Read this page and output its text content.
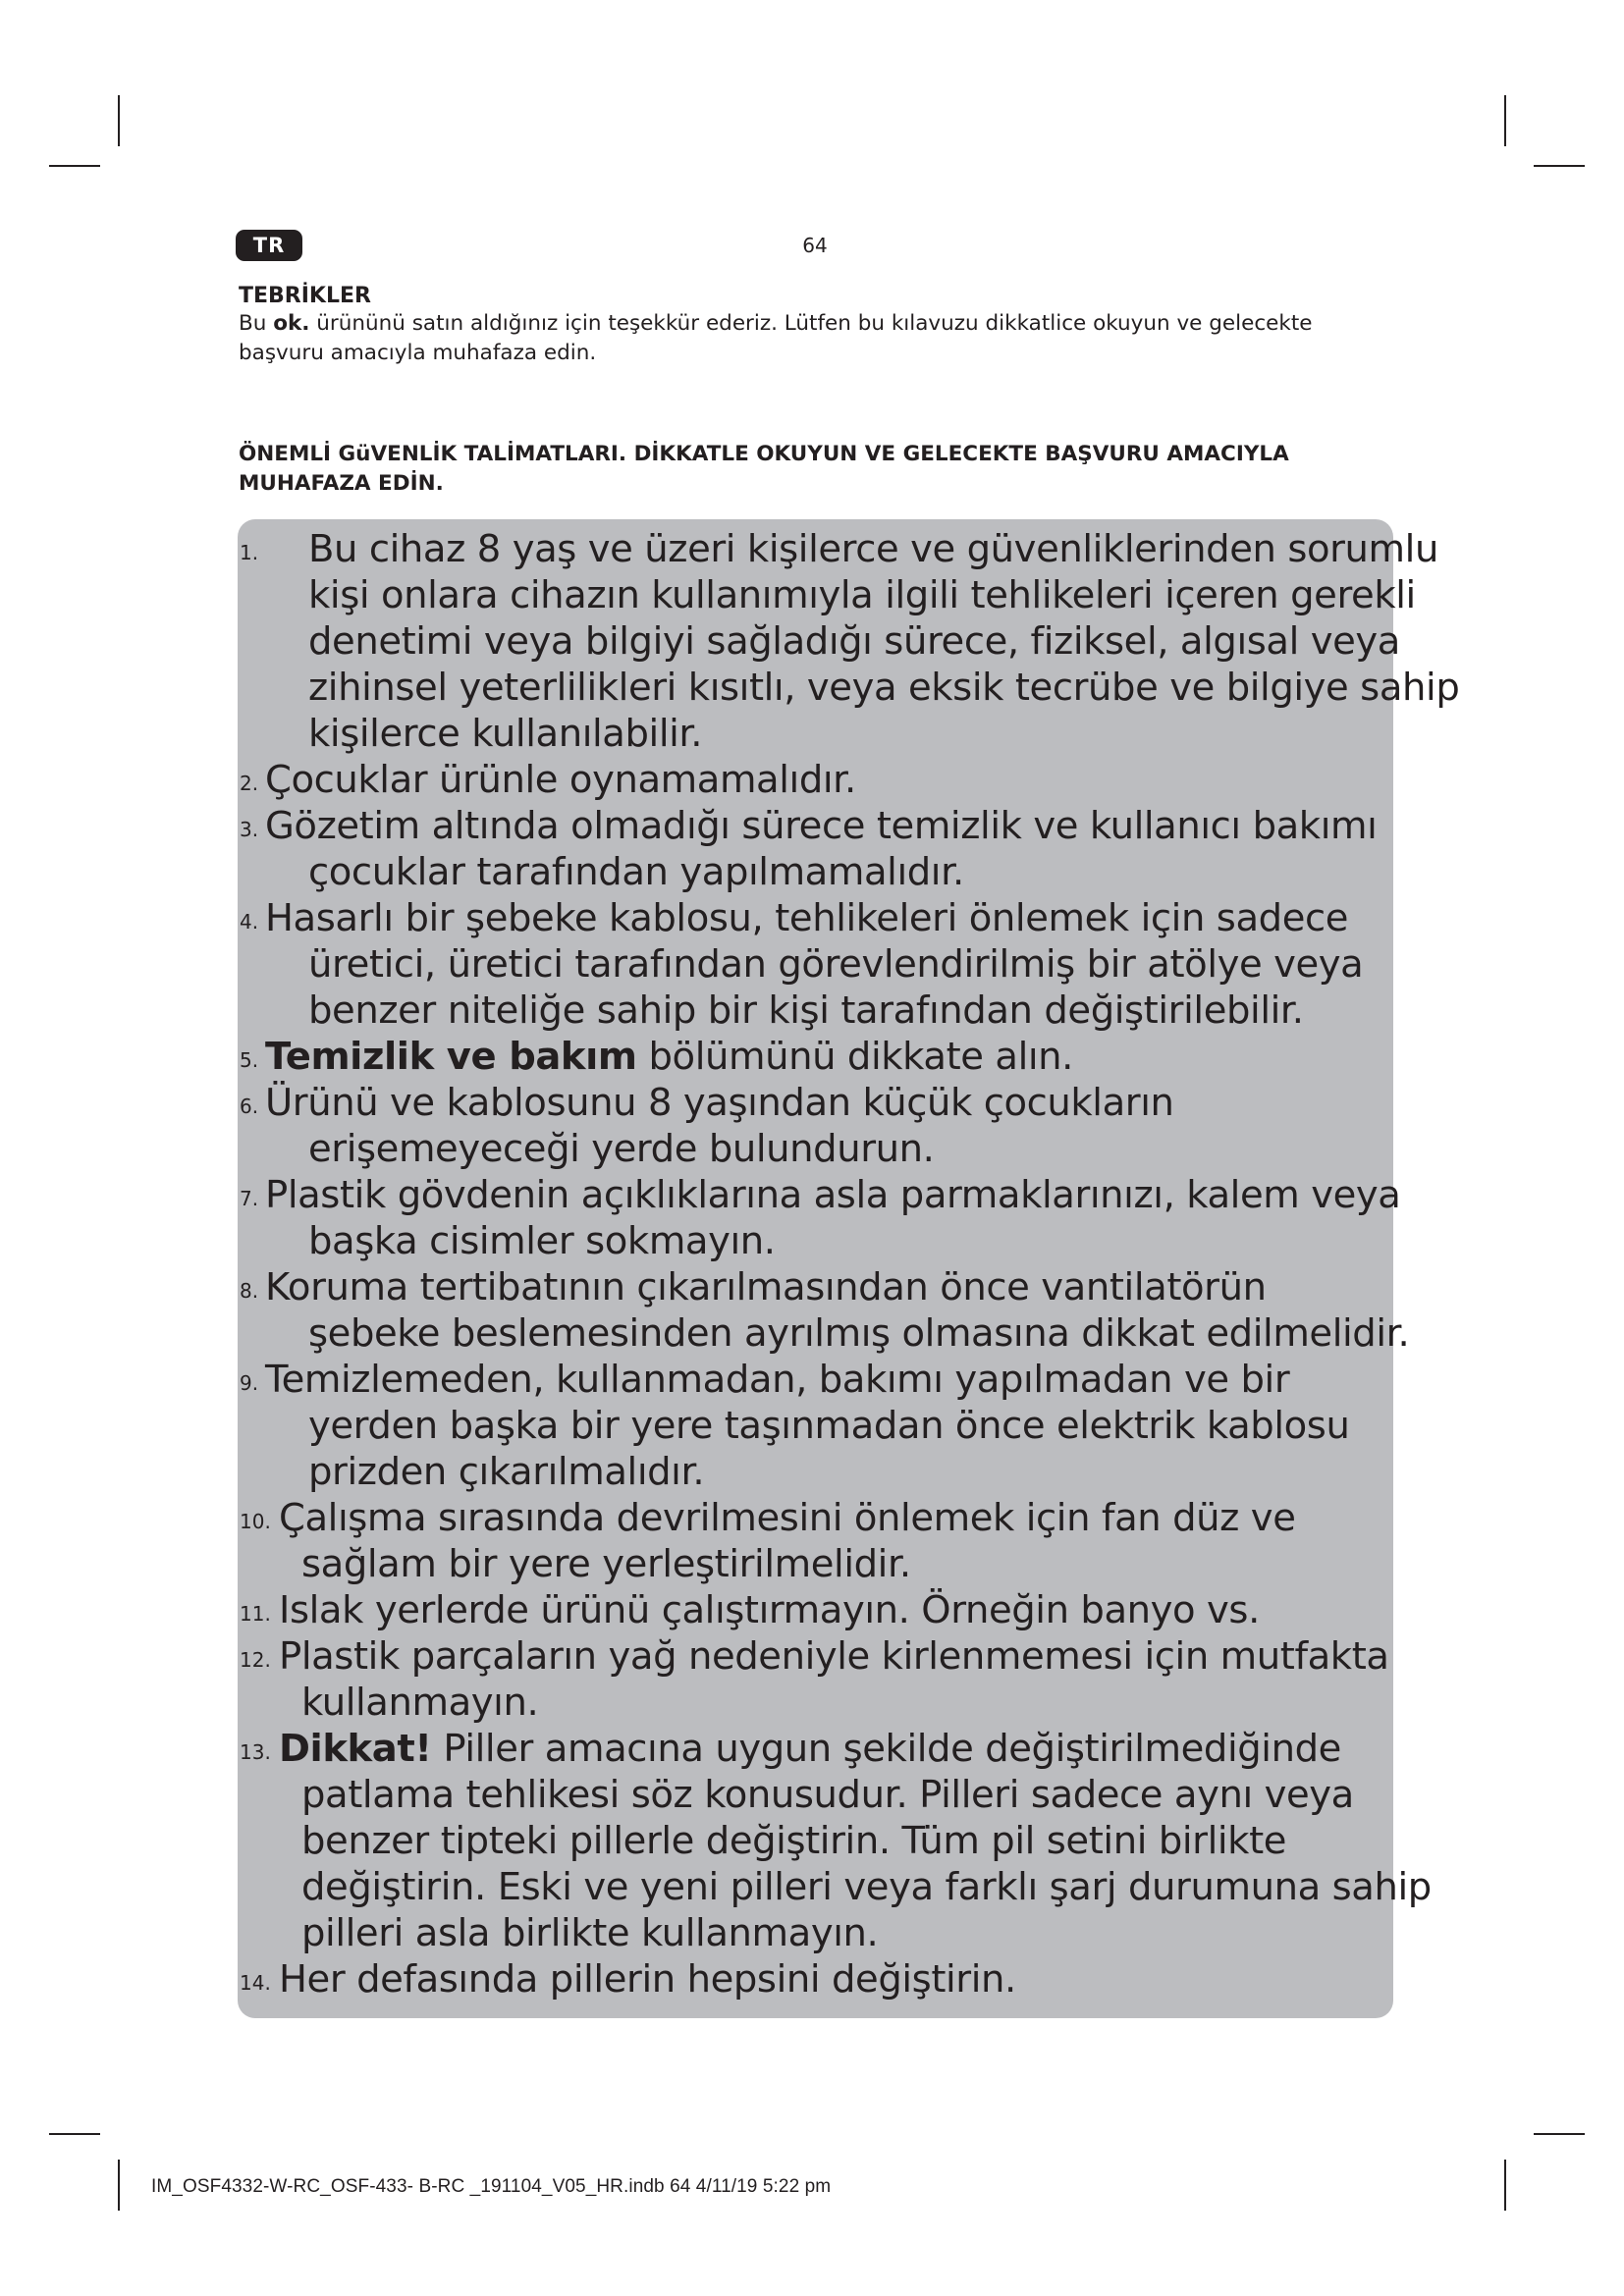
TR	64
TEBRİKLER
Bu ok. ürününü satın aldığınız için teşekkür ederiz. Lütfen bu kılavuzu dikkatlice okuyun ve gelecekte
başvuru amacıyla muhafaza edin.
ÖNEMLİ GüVENLİK TALİMATLARI. DİKKATLE OKUYUN VE GELECEKTE BAŞVURU AMACIYLA
MUHAFAZA EDİN.
1.	Bu cihaz 8 yaş ve üzeri kişilerce ve güvenliklerinden sorumlu
kişi onlara cihazın kullanımıyla ilgili tehlikeleri içeren gerekli
denetimi veya bilgiyi sağladığı sürece, fiziksel, algısal veya
zihinsel yeterlilikleri kısıtlı, veya eksik tecrübe ve bilgiye sahip
kişilerce kullanılabilir.
2. Çocuklar ürünle oynamamalıdır.
3. Gözetim altında olmadığı sürece temizlik ve kullanıcı bakımı
çocuklar tarafından yapılmamalıdır.
4. Hasarlı bir şebeke kablosu, tehlikeleri önlemek için sadece
üretici, üretici tarafından görevlendirilmiş bir atölye veya
benzer niteliğe sahip bir kişi tarafından değiştirilebilir.
5. Temizlik ve bakım bölümünü dikkate alın.
6. Ürünü ve kablosunu 8 yaşından küçük çocukların
erişemeyeceği yerde bulundurun.
7. Plastik gövdenin açıklıklarına asla parmaklarınızı, kalem veya
başka cisimler sokmayın.
8. Koruma tertibatının çıkarılmasından önce vantilatörün
şebeke beslemesinden ayrılmış olmasına dikkat edilmelidir.
9. Temizlemeden, kullanmadan, bakımı yapılmadan ve bir
yerden başka bir yere taşınmadan önce elektrik kablosu
prizden çıkarılmalıdır.
10. Çalışma sırasında devrilmesini önlemek için fan düz ve
sağlam bir yere yerleştirilmelidir.
11. Islak yerlerde ürünü çalıştırmayın. Örneğin banyo vs.
12. Plastik parçaların yağ nedeniyle kirlenmemesi için mutfakta
kullanmayın.
13. Dikkat! Piller amacına uygun şekilde değiştirilmediğinde
patlama tehlikesi söz konusudur. Pilleri sadece aynı veya
benzer tipteki pillerle değiştirin. Tüm pil setini birlikte
değiştirin. Eski ve yeni pilleri veya farklı şarj durumuna sahip
pilleri asla birlikte kullanmayın.
14. Her defasında pillerin hepsini değiştirin.
IM_OSF4332-W-RC_OSF-433- B-RC _191104_V05_HR.indb 64 4/11/19 5:22 pm
